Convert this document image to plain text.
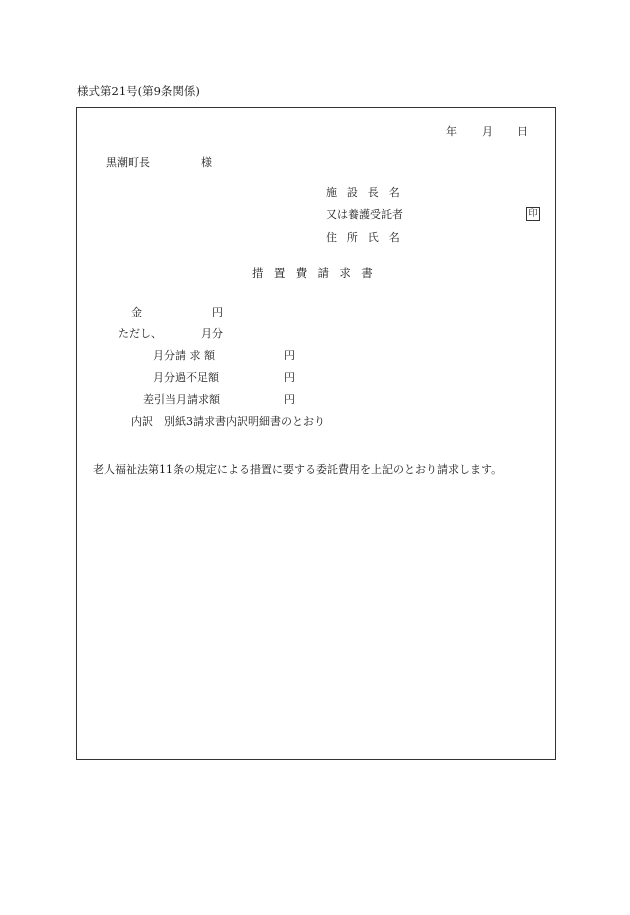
様式第21号(第9条関係)
年 月 日
黒潮町長	様
施設長名
又は養護受託者	印
住所氏名
措置費請求書
金	円
ただし、	月分
月分請 求 額	円
月分過不足額	円
差引当月請求額	円
内訳　別紙3請求書内訳明細書のとおり
老人福祉法第11条の規定による措置に要する委託費用を上記のとおり請求します。
